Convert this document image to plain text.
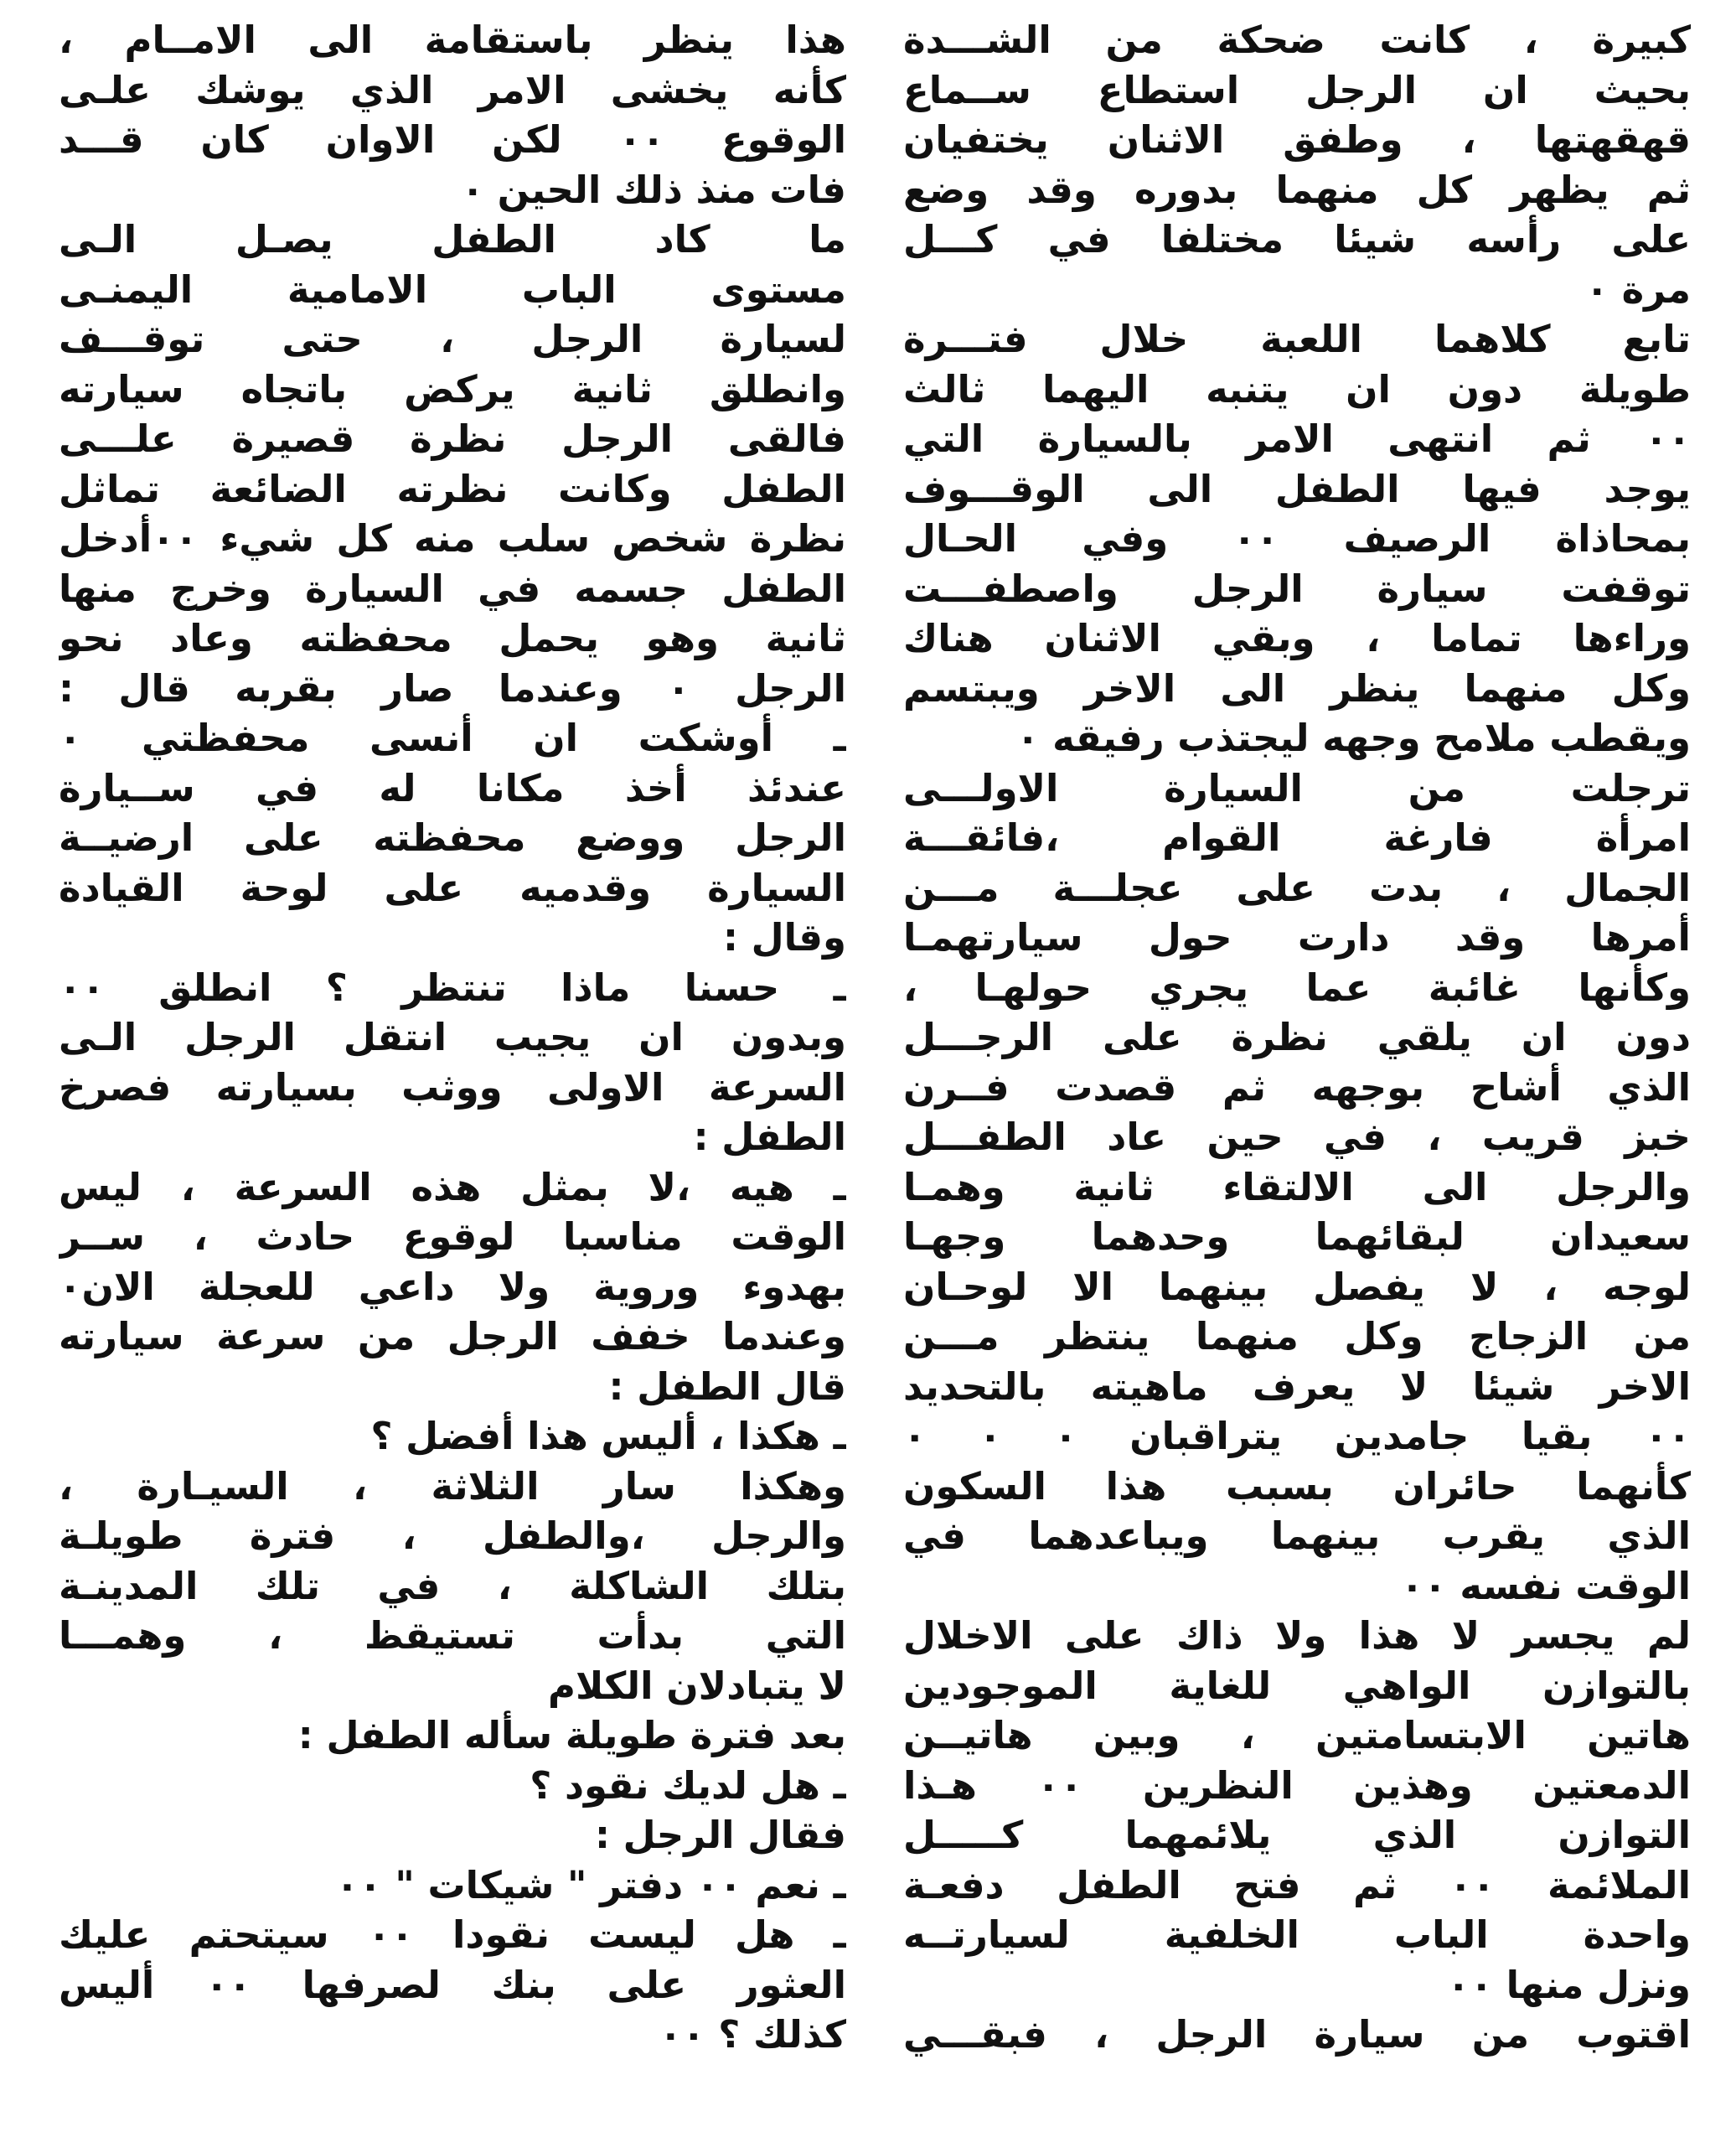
كبيرة ، كانت ضحكة من الشـــدة
بحيث ان الرجل استطاع ســماع
قهقهتها ، وطفق الاثنان يختفيان
ثم يظهر كل منهما بدوره وقد وضع
على رأسه شيئا مختلفا في كـــل
مرة ٠
تابع كلاهما اللعبة خلال فتـــرة
طويلة دون ان يتنبه اليهما ثالث
٠٠ ثم انتهى الامر بالسيارة التي
يوجد فيها الطفل الى الوقـــوف
بمحاذاة الرصيف ٠٠ وفي الحـال
توقفت سيارة الرجل واصطفـــت
وراءها تماما ، وبقي الاثنان هناك
وكل منهما ينظر الى الاخر ويبتسم
ويقطب ملامح وجهه ليجتذب رفيقه ٠
ترجلت من السيارة الاولـــى
امرأة فارغة القوام ،فائقـــة
الجمال ، بدت على عجلـــة مـــن
أمرها وقد دارت حول سيارتهمـا
وكأنها غائبة عما يجري حولهـا ،
دون ان يلقي نظرة على الرجـــل
الذي أشاح بوجهه ثم قصدت فــرن
خبز قريب ، في حين عاد الطفـــل
والرجل الى الالتقاء ثانية وهمـا
سعيدان لبقائهما وحدهما وجهـا
لوجه ، لا يفصل بينهما الا لوحـان
من الزجاج وكل منهما ينتظر مـــن
الاخر شيئا لا يعرف ماهيته بالتحديد
٠٠ بقيا جامدين يتراقبان ٠ ٠ ٠
كأنهما حائران بسبب هذا السكون
الذي يقرب بينهما ويباعدهما في
الوقت نفسه ٠٠
لم يجسر لا هذا ولا ذاك على الاخلال
بالتوازن الواهي للغاية الموجودين
هاتين الابتسامتين ، وبين هاتيــن
الدمعتين وهذين النظرين ٠٠ هـذا
التوازن الذي يلائمهما كـــــل
الملائمة ٠٠ ثم فتح الطفل دفعـة
واحدة الباب الخلفية لسيارتــه
ونزل منها ٠٠
اقتوب من سيارة الرجل ، فبقـــي
هذا ينظر باستقامة الى الامــام ،
كأنه يخشى الامر الذي يوشك علـى
الوقوع ٠٠ لكن الاوان كان قـــد
فات منذ ذلك الحين ٠
ما كاد الطفل يصـل الـى
مستوى الباب الامامية اليمنـى
لسيارة الرجل ، حتى توقـــف
وانطلق ثانية يركض باتجاه سيارته
فالقى الرجل نظرة قصيرة علـــى
الطفل وكانت نظرته الضائعة تماثل
نظرة شخص سلب منه كل شيء ٠٠أدخل
الطفل جسمه في السيارة وخرج منها
ثانية وهو يحمل محفظته وعاد نحو
الرجل ٠ وعندما صار بقربه قال :
ـ أوشكت ان أنسى محفظتي ٠
عندئذ أخذ مكانا له في ســيارة
الرجل ووضع محفظته على ارضيــة
السيارة وقدميه على لوحة القيادة
وقال :
ـ حسنا ماذا تنتظر ؟ انطلق ٠٠
وبدون ان يجيب انتقل الرجل الـى
السرعة الاولى ووثب بسيارته فصرخ
الطفل :
ـ هيه ،لا بمثل هذه السرعة ، ليس
الوقت مناسبا لوقوع حادث ، ســر
بهدوء وروية ولا داعي للعجلة الان٠
وعندما خفف الرجل من سرعة سيارته
قال الطفل :
ـ هكذا ، أليس هذا أفضل ؟
وهكذا سار الثلاثة ، السيـارة ،
والرجل ،والطفل ، فترة طويلـة
بتلك الشاكلة ، في تلك المدينـة
التي بدأت تستيقظ ، وهمـــا
لا يتبادلان الكلام
بعد فترة طويلة سأله الطفل :
ـ هل لديك نقود ؟
فقال الرجل :
ـ نعم ٠٠ دفتر " شيكات " ٠٠
ـ هل ليست نقودا ٠٠ سيتحتم عليك
العثور على بنك لصرفها ٠٠ أليس
كذلك ؟ ٠٠
